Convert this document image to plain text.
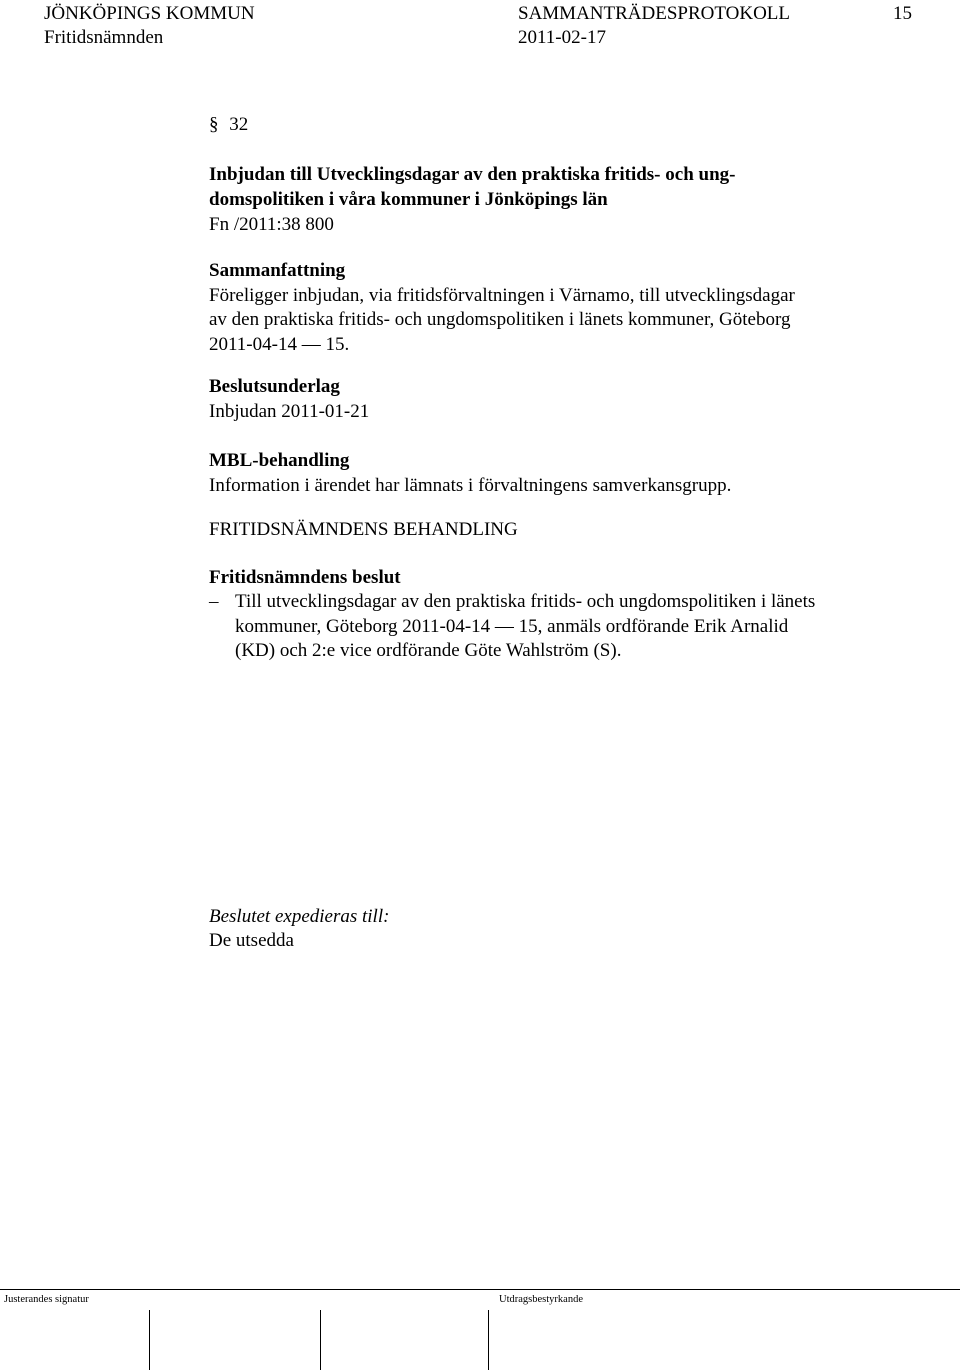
JÖNKÖPINGS KOMMUN	SAMMANTRÄDESPROTOKOLL	15
Fritidsnämnden	2011-02-17
§ 32
Inbjudan till Utvecklingsdagar av den praktiska fritids- och ung-
domspolitiken i våra kommuner i Jönköpings län
Fn /2011:38 800
Sammanfattning
Föreligger inbjudan, via fritidsförvaltningen i Värnamo, till utvecklingsdagar
av den praktiska fritids- och ungdomspolitiken i länets kommuner, Göteborg
2011-04-14 — 15.
Beslutsunderlag
Inbjudan 2011-01-21
MBL-behandling
Information i ärendet har lämnats i förvaltningens samverkansgrupp.
FRITIDSNÄMNDENS BEHANDLING
Fritidsnämndens beslut
– Till utvecklingsdagar av den praktiska fritids- och ungdomspolitiken i länets
kommuner, Göteborg 2011-04-14 — 15, anmäls ordförande Erik Arnalid
(KD) och 2:e vice ordförande Göte Wahlström (S).
Beslutet expedieras till:
De utsedda
Justerandes signatur	Utdragsbestyrkande
